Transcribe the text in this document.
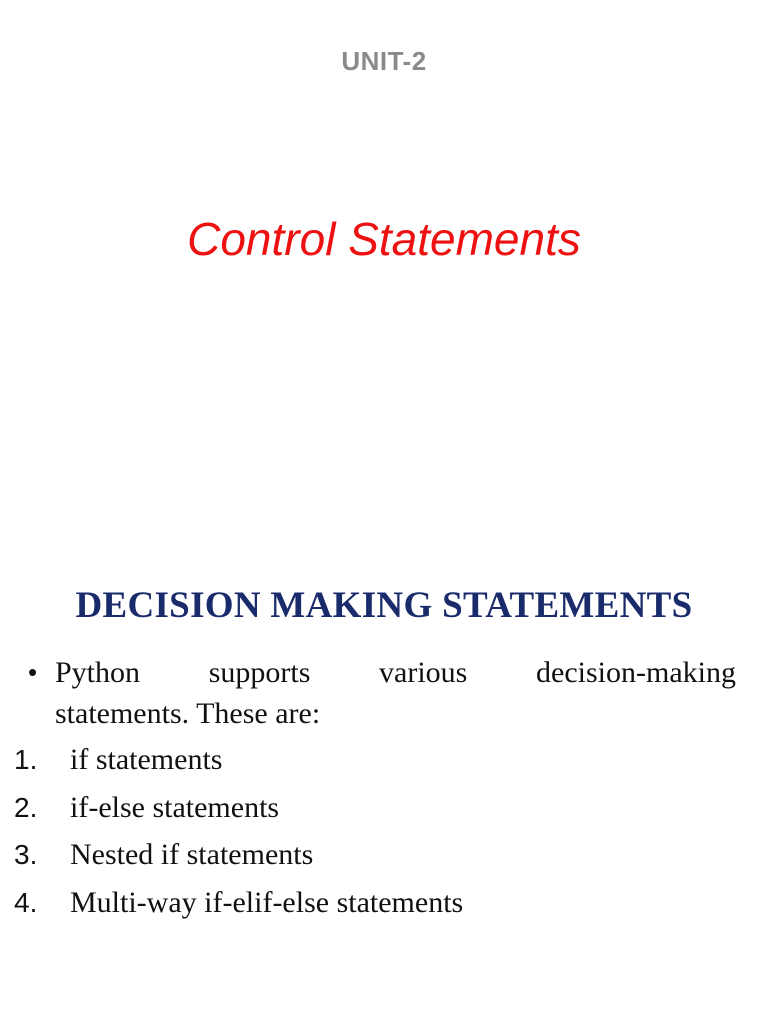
UNIT-2
Control Statements
DECISION MAKING STATEMENTS
• Python supports various decision-making
statements. These are:
1. if statements
2. if-else statements
3. Nested if statements
4. Multi-way if-elif-else statements
